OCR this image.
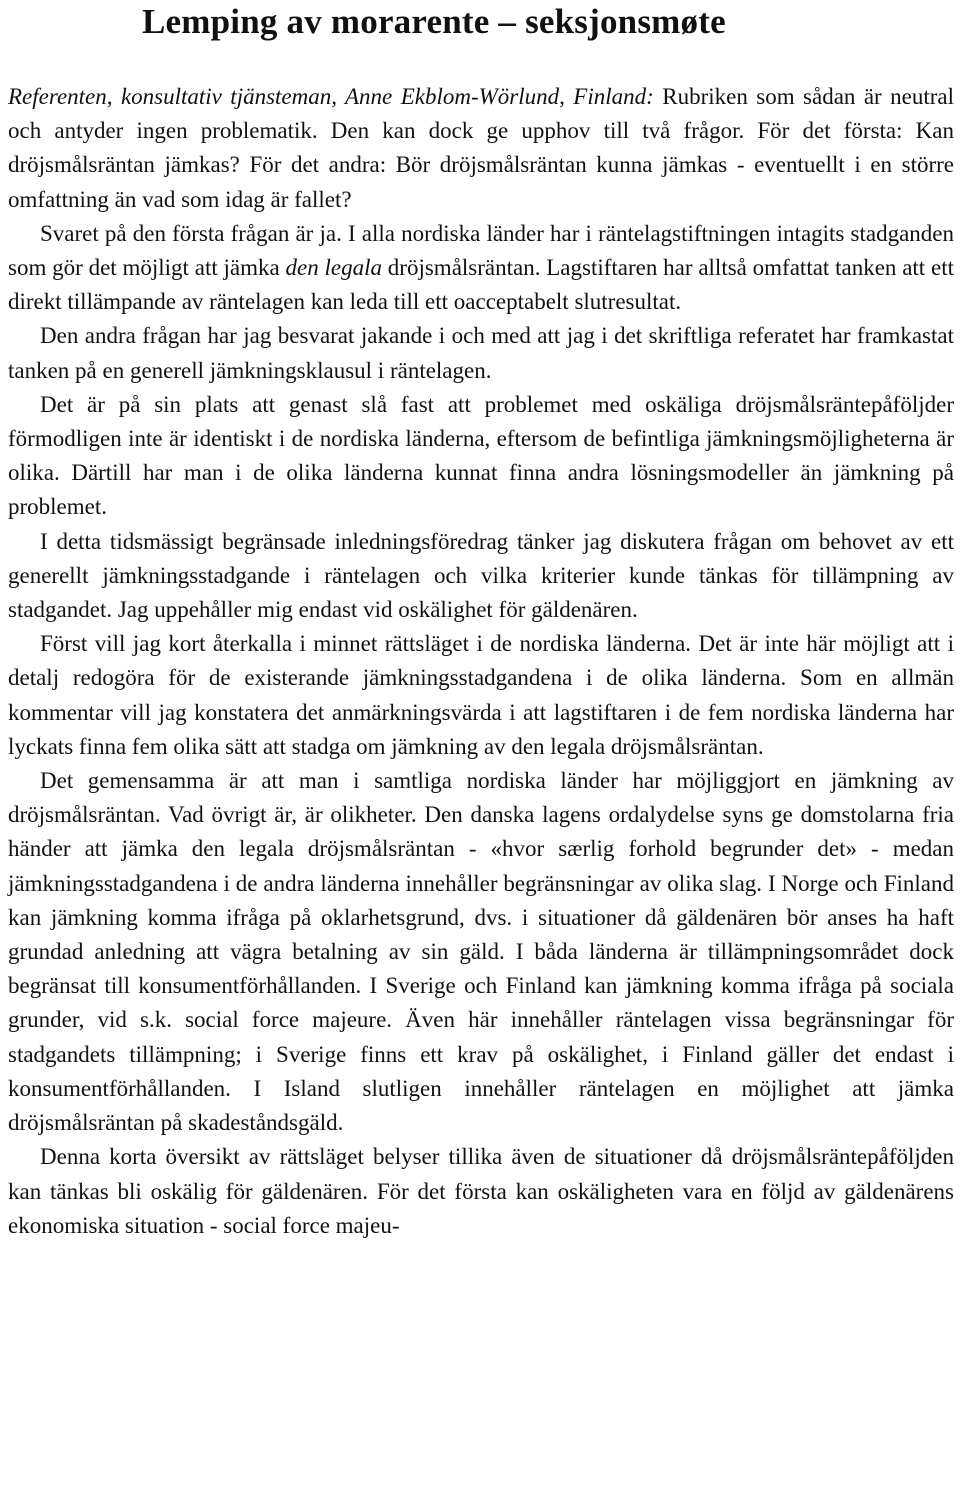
Lemping av morarente – seksjonsmøte

Referenten, konsultativ tjänsteman, Anne Ekblom-Wörlund, Finland: Rubriken som sådan är neutral och antyder ingen problematik. Den kan dock ge upphov till två frågor. För det första: Kan dröjsmålsräntan jämkas? För det andra: Bör dröjsmålsräntan kunna jämkas - eventuellt i en större omfattning än vad som idag är fallet?

Svaret på den första frågan är ja. I alla nordiska länder har i räntelagstiftningen intagits stadganden som gör det möjligt att jämka den legala dröjsmålsräntan. Lagstiftaren har alltså omfattat tanken att ett direkt tillämpande av räntelagen kan leda till ett oacceptabelt slutresultat.

Den andra frågan har jag besvarat jakande i och med att jag i det skriftliga referatet har framkastat tanken på en generell jämkningsklausul i räntelagen.

Det är på sin plats att genast slå fast att problemet med oskäliga dröjsmålsräntepåföljder förmodligen inte är identiskt i de nordiska länderna, eftersom de befintliga jämkningsmöjligheterna är olika. Därtill har man i de olika länderna kunnat finna andra lösningsmodeller än jämkning på problemet.

I detta tidsmässigt begränsade inledningsföredrag tänker jag diskutera frågan om behovet av ett generellt jämkningsstadgande i räntelagen och vilka kriterier kunde tänkas för tillämpning av stadgandet. Jag uppehåller mig endast vid oskälighet för gäldenären.

Först vill jag kort återkalla i minnet rättsläget i de nordiska länderna. Det är inte här möjligt att i detalj redogöra för de existerande jämkningsstadgandena i de olika länderna. Som en allmän kommentar vill jag konstatera det anmärkningsvärda i att lagstiftaren i de fem nordiska länderna har lyckats finna fem olika sätt att stadga om jämkning av den legala dröjsmålsräntan.

Det gemensamma är att man i samtliga nordiska länder har möjliggjort en jämkning av dröjsmålsräntan. Vad övrigt är, är olikheter. Den danska lagens ordalydelse syns ge domstolarna fria händer att jämka den legala dröjsmålsräntan - «hvor særlig forhold begrunder det» - medan jämkningsstadgandena i de andra länderna innehåller begränsningar av olika slag. I Norge och Finland kan jämkning komma ifråga på oklarhetsgrund, dvs. i situationer då gäldenären bör anses ha haft grundad anledning att vägra betalning av sin gäld. I båda länderna är tillämpningsområdet dock begränsat till konsumentförhållanden. I Sverige och Finland kan jämkning komma ifråga på sociala grunder, vid s.k. social force majeure. Även här innehåller räntelagen vissa begränsningar för stadgandets tillämpning; i Sverige finns ett krav på oskälighet, i Finland gäller det endast i konsumentförhållanden. I Island slutligen innehåller räntelagen en möjlighet att jämka dröjsmålsräntan på skadeståndsgäld.

Denna korta översikt av rättsläget belyser tillika även de situationer då dröjsmålsräntepåföljden kan tänkas bli oskälig för gäldenären. För det första kan oskäligheten vara en följd av gäldenärens ekonomiska situation - social force majeu-
